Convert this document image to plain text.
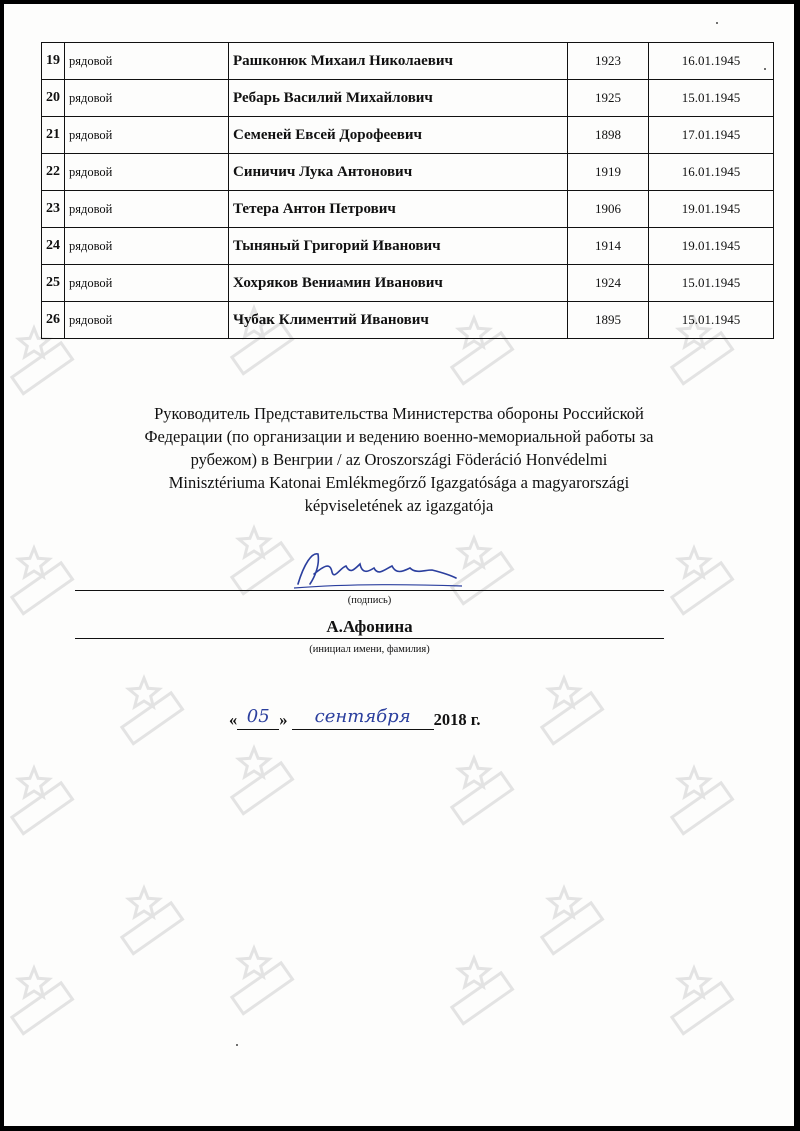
19	рядовой	Рашконюк Михаил Николаевич	1923	16.01.1945
20	рядовой	Ребарь Василий Михайлович	1925	15.01.1945
21	рядовой	Семеней Евсей Дорофеевич	1898	17.01.1945
22	рядовой	Синичич Лука Антонович	1919	16.01.1945
23	рядовой	Тетера Антон Петрович	1906	19.01.1945
24	рядовой	Тыняный Григорий Иванович	1914	19.01.1945
25	рядовой	Хохряков Вениамин Иванович	1924	15.01.1945
26	рядовой	Чубак Климентий Иванович	1895	15.01.1945
Руководитель Представительства Министерства обороны Российской
Федерации (по организации и ведению военно-мемориальной работы за
рубежом) в Венгрии / az Oroszországi Föderáció Honvédelmi
Minisztériuma Katonai Emlékmegőrző Igazgatósága a magyarországi
képviseletének az igazgatója
(подпись)
А.Афонина
(инициал имени, фамилия)
« 05 »	сентября	2018 г.
